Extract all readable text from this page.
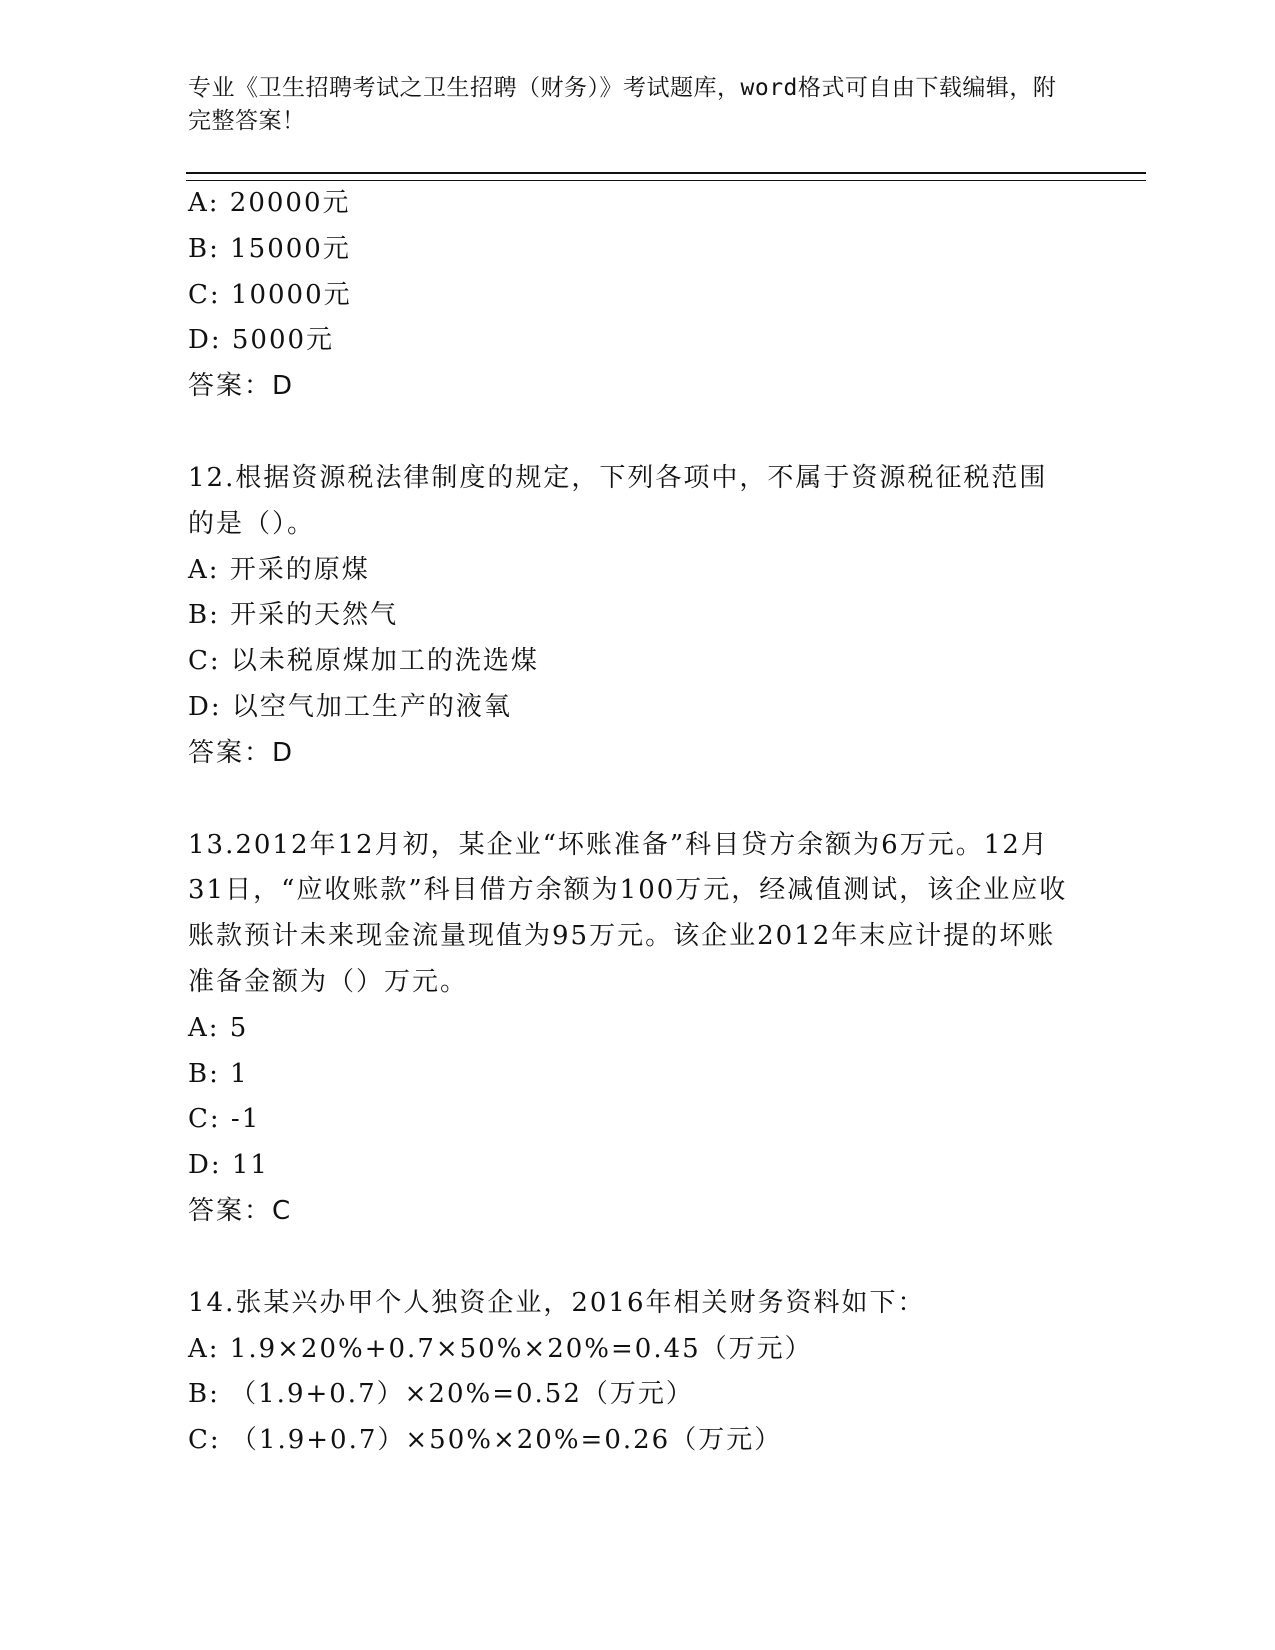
专业《卫生招聘考试之卫生招聘（财务）》考试题库，word格式可自由下载编辑，附完整答案！
A: 20000元
B: 15000元
C: 10000元
D: 5000元
答案：D
12.根据资源税法律制度的规定，下列各项中，不属于资源税征税范围的是（）。
A: 开采的原煤
B: 开采的天然气
C: 以未税原煤加工的洗选煤
D: 以空气加工生产的液氧
答案：D
13.2012年12月初，某企业“坏账准备”科目贷方余额为6万元。12月31日，“应收账款”科目借方余额为100万元，经减值测试，该企业应收账款预计未来现金流量现值为95万元。该企业2012年末应计提的坏账准备金额为（）万元。
A: 5
B: 1
C: -1
D: 11
答案：C
14.张某兴办甲个人独资企业，2016年相关财务资料如下：
A: 1.9×20%+0.7×50%×20%=0.45（万元）
B: （1.9+0.7）×20%=0.52（万元）
C: （1.9+0.7）×50%×20%=0.26（万元）
